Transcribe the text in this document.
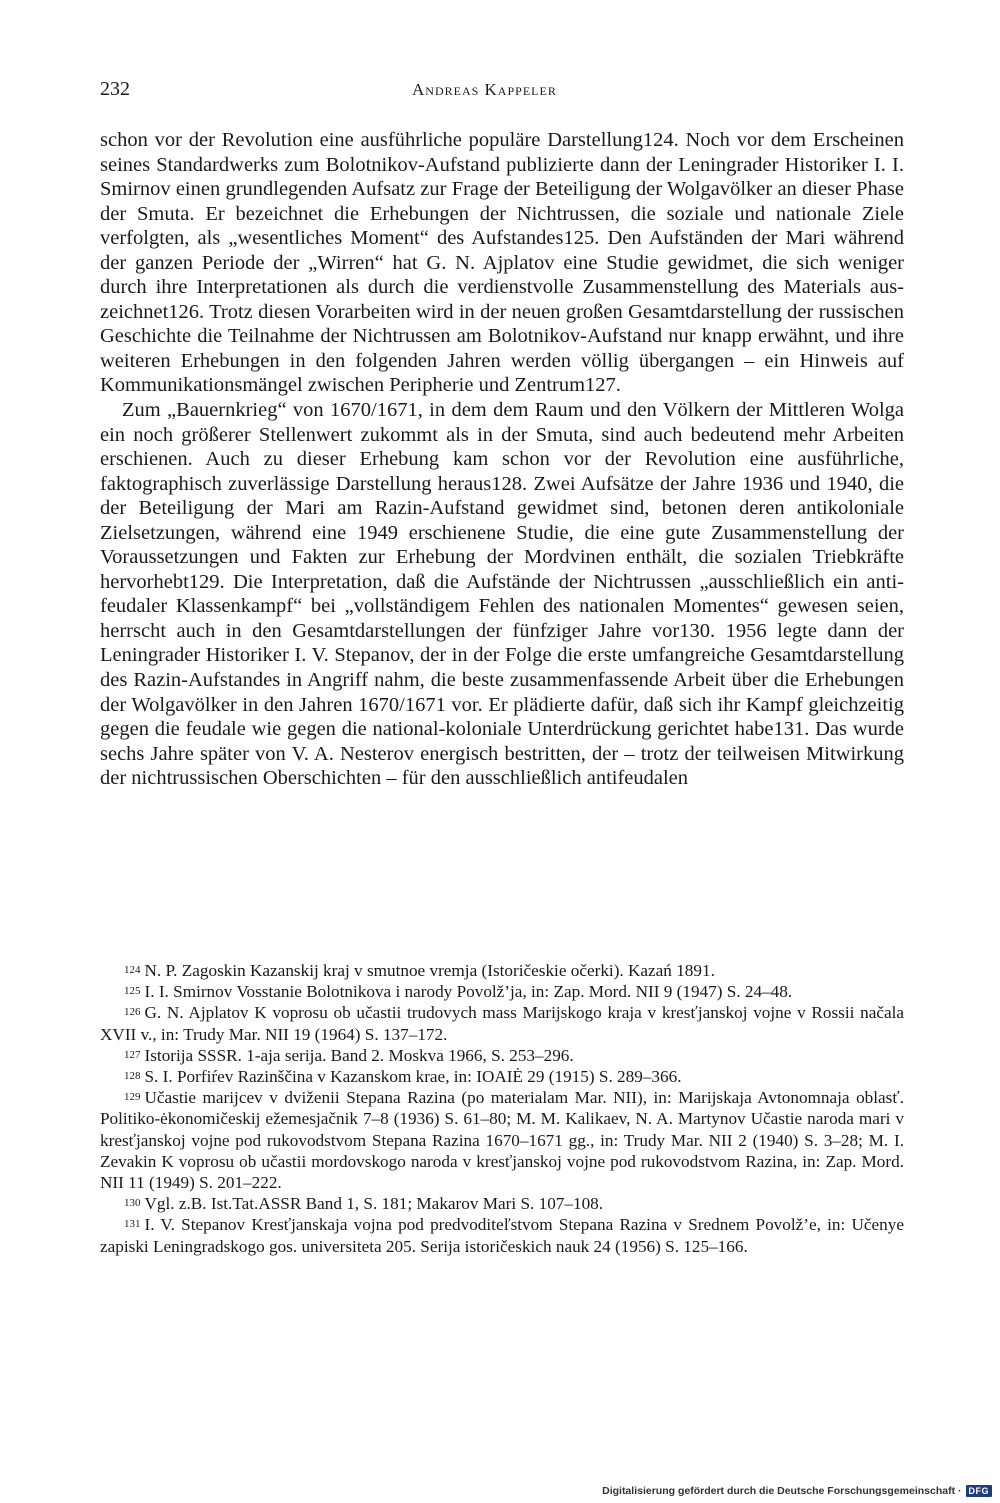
232	Andreas Kappeler

schon vor der Revolution eine ausführliche populäre Darstellung124. Noch vor dem Erscheinen seines Standardwerks zum Bolotnikov-Aufstand publizierte dann der Leningrader Historiker I. I. Smirnov einen grundlegenden Aufsatz zur Frage der Beteiligung der Wolgavölker an dieser Phase der Smuta. Er bezeichnet die Erhebungen der Nichtrussen, die soziale und nationale Ziele verfolgten, als „wesentliches Moment“ des Aufstandes125. Den Aufständen der Mari während der ganzen Periode der „Wirren“ hat G. N. Ajplatov eine Studie gewidmet, die sich weniger durch ihre Interpretationen als durch die verdienstvolle Zusammenstellung des Materials auszeichnet126. Trotz diesen Vorarbeiten wird in der neuen großen Gesamtdarstellung der russischen Geschichte die Teilnahme der Nichtrussen am Bolotnikov-Aufstand nur knapp erwähnt, und ihre weiteren Erhebungen in den folgenden Jahren werden völlig übergangen – ein Hinweis auf Kommunikationsmängel zwischen Peripherie und Zentrum127.

Zum „Bauernkrieg“ von 1670/1671, in dem dem Raum und den Völkern der Mittleren Wolga ein noch größerer Stellenwert zukommt als in der Smuta, sind auch bedeutend mehr Arbeiten erschienen. Auch zu dieser Erhebung kam schon vor der Revolution eine ausführliche, faktographisch zuverlässige Darstellung heraus128. Zwei Aufsätze der Jahre 1936 und 1940, die der Beteiligung der Mari am Razin-Aufstand gewidmet sind, betonen deren antikoloniale Zielsetzungen, während eine 1949 erschienene Studie, die eine gute Zusammenstellung der Voraussetzungen und Fakten zur Erhebung der Mordvinen enthält, die sozialen Triebkräfte hervorhebt129. Die Interpretation, daß die Aufstände der Nichtrussen „ausschließlich ein antifeudaler Klassenkampf“ bei „vollständigem Fehlen des nationalen Momentes“ gewesen seien, herrscht auch in den Gesamtdarstellungen der fünfziger Jahre vor130. 1956 legte dann der Leningrader Historiker I. V. Stepanov, der in der Folge die erste umfangreiche Gesamtdarstellung des Razin-Aufstandes in Angriff nahm, die beste zusammenfassende Arbeit über die Erhebungen der Wolgavölker in den Jahren 1670/1671 vor. Er plädierte dafür, daß sich ihr Kampf gleichzeitig gegen die feudale wie gegen die national-koloniale Unterdrückung gerichtet habe131. Das wurde sechs Jahre später von V. A. Nesterov energisch bestritten, der – trotz der teilweisen Mitwirkung der nichtrussischen Oberschichten – für den ausschließlich antifeudalen

124 N. P. Zagoskin Kazanskij kraj v smutnoe vremja (Istoričeskie očerki). Kazań 1891.

125 I. I. Smirnov Vosstanie Bolotnikova i narody Povolž’ja, in: Zap. Mord. NII 9 (1947) S. 24–48.

126 G. N. Ajplatov K voprosu ob učastii trudovych mass Marijskogo kraja v kresťjanskoj vojne v Rossii načala XVII v., in: Trudy Mar. NII 19 (1964) S. 137–172.

127 Istorija SSSR. 1-aja serija. Band 2. Moskva 1966, S. 253–296.

128 S. I. Porfiŕev Razinščina v Kazanskom krae, in: IOAIĖ 29 (1915) S. 289–366.

129 Učastie marijcev v dviženii Stepana Razina (po materialam Mar. NII), in: Marijskaja Avtonomnaja oblasť. Politiko-ėkonomičeskij ežemesjačnik 7–8 (1936) S. 61–80; M. M. Kalikaev, N. A. Martynov Učastie naroda mari v kresťjanskoj vojne pod rukovodstvom Stepana Razina 1670–1671 gg., in: Trudy Mar. NII 2 (1940) S. 3–28; M. I. Zevakin K voprosu ob učastii mordovskogo naroda v kresťjanskoj vojne pod rukovodstvom Razina, in: Zap. Mord. NII 11 (1949) S. 201–222.

130 Vgl. z.B. Ist.Tat.ASSR Band 1, S. 181; Makarov Mari S. 107–108.

131 I. V. Stepanov Kresťjanskaja vojna pod predvoditeľstvom Stepana Razina v Srednem Povolž’e, in: Učenye zapiski Leningradskogo gos. universiteta 205. Serija istoričeskich nauk 24 (1956) S. 125–166.

Digitalisierung gefördert durch die Deutsche Forschungsgemeinschaft · DFG
